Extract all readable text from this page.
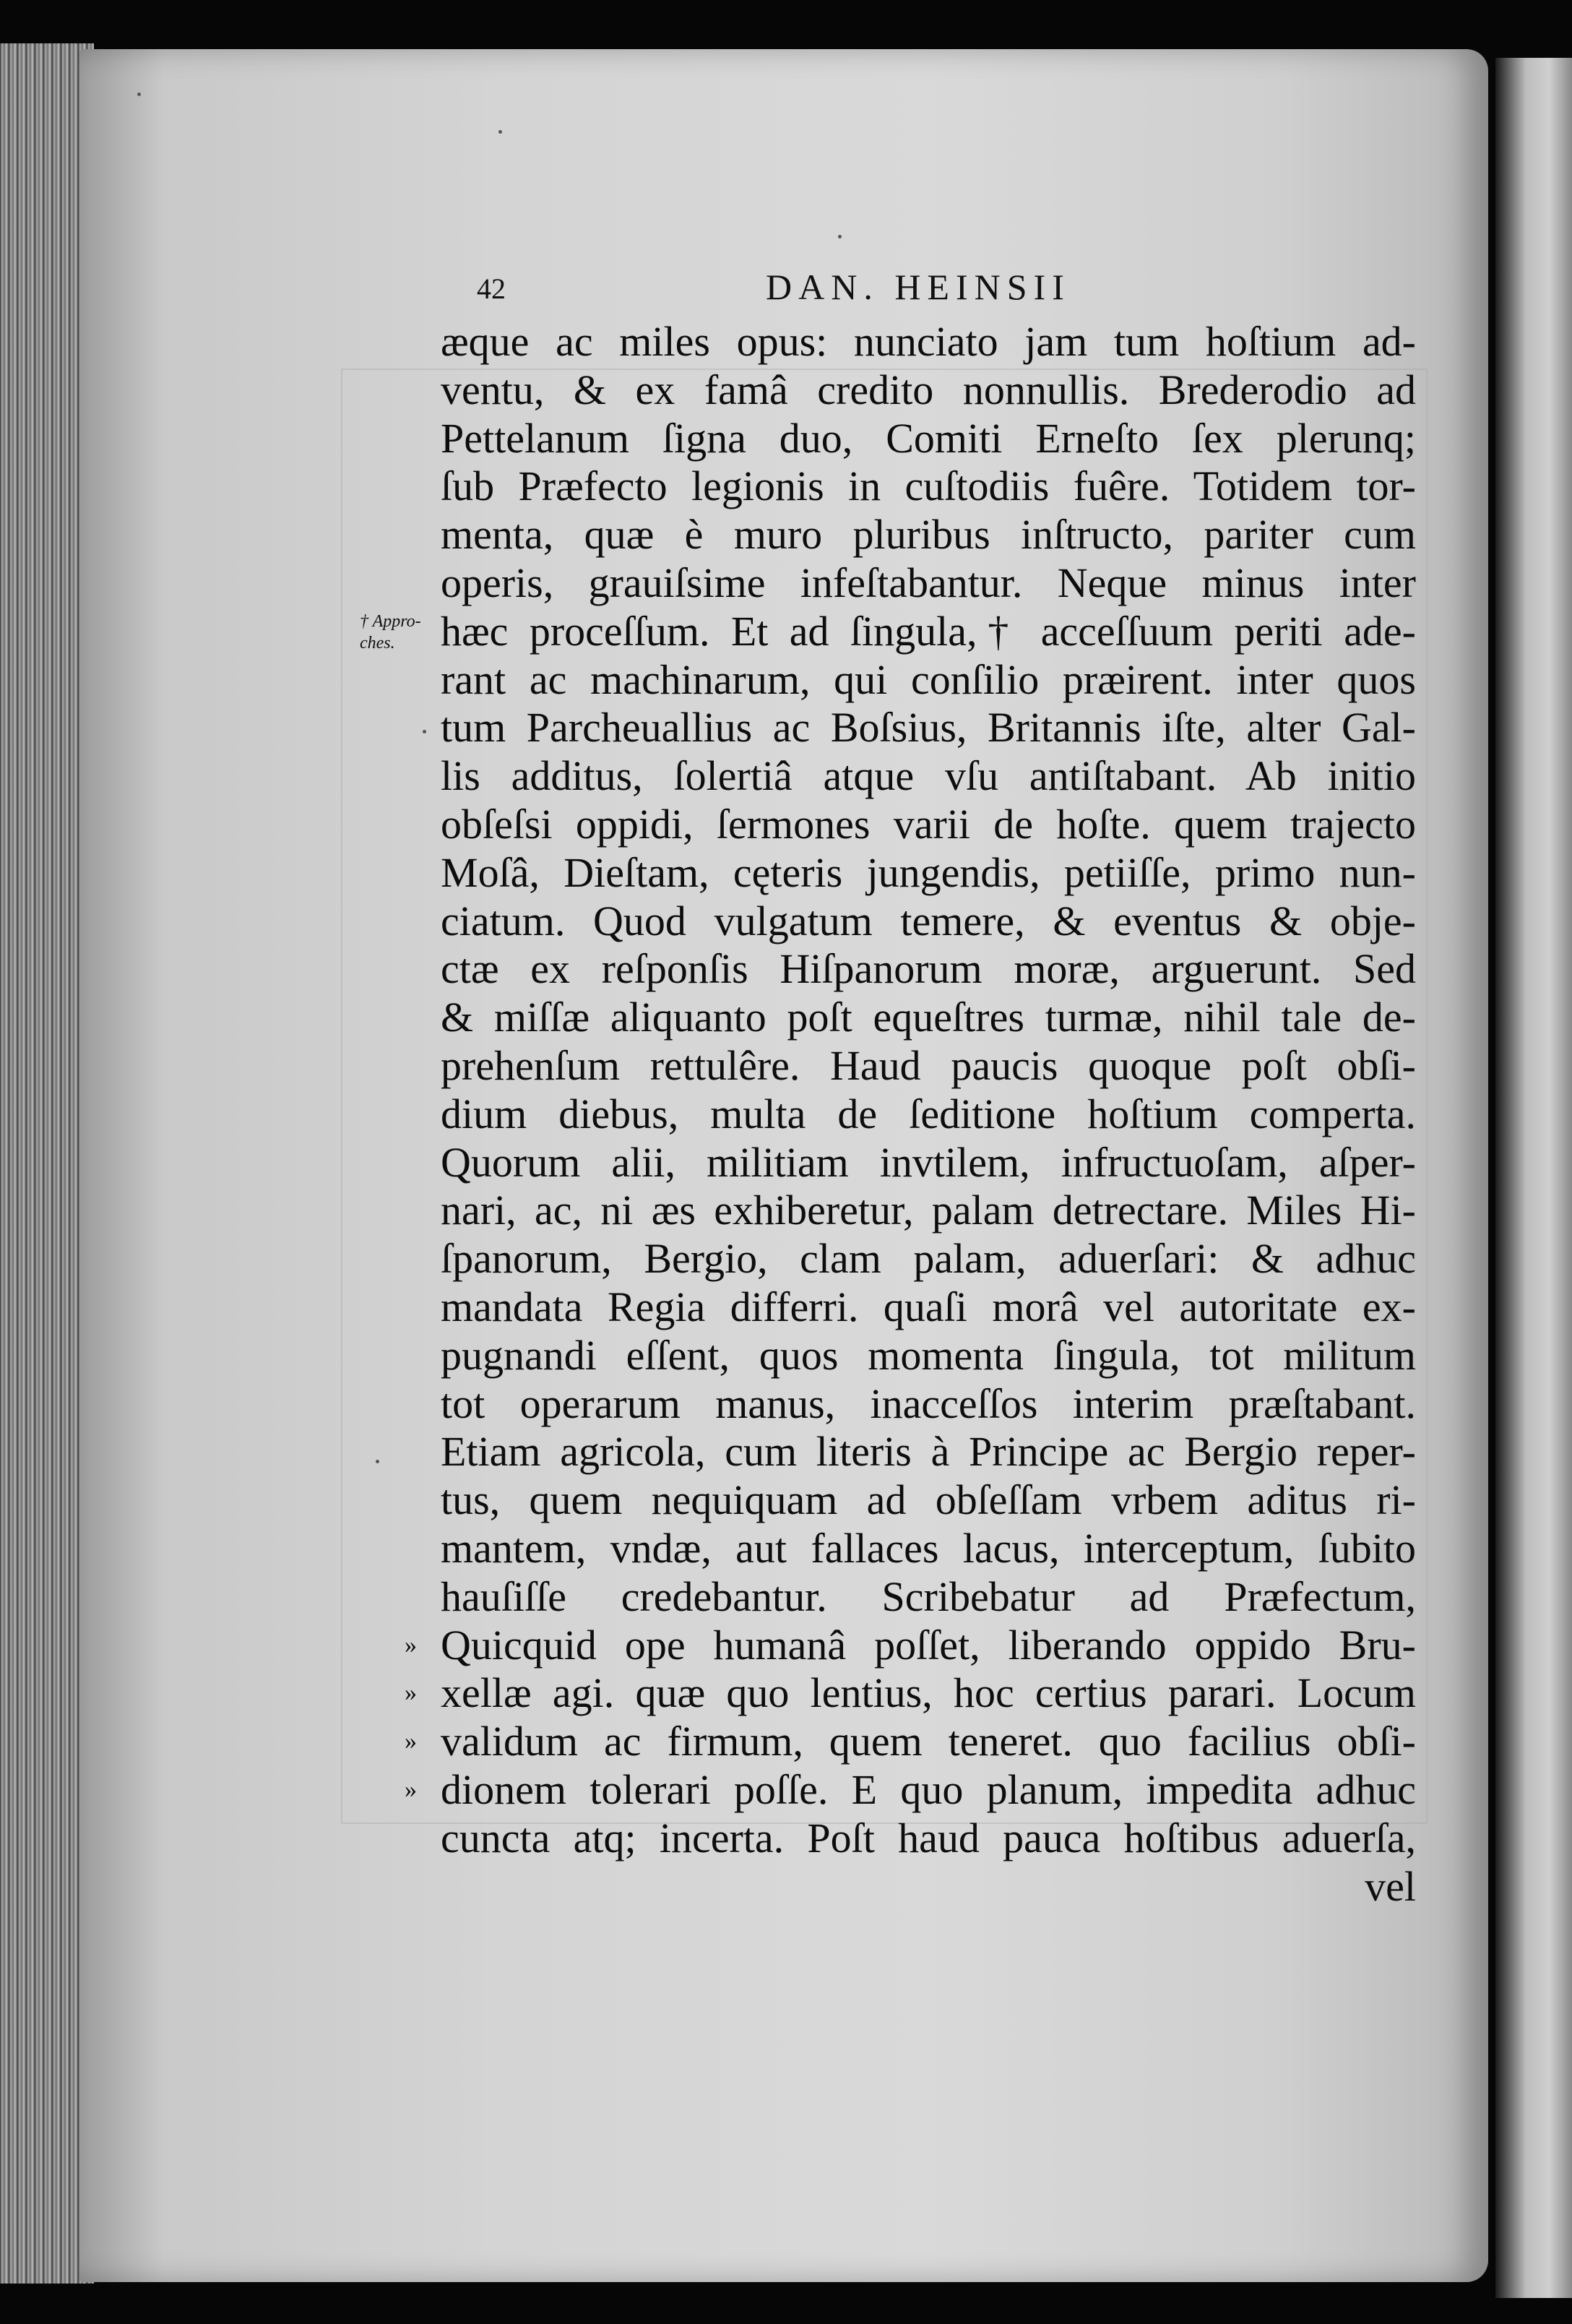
42	DAN. HEINSII
† Appro-
ches.
æque ac miles opus: nunciato jam tum hoſtium ad-
ventu, & ex famâ credito nonnullis. Brederodio ad
Pettelanum ſigna duo, Comiti Erneſto ſex plerunq;
ſub Præfecto legionis in cuſtodiis fuêre. Totidem tor-
menta, quæ è muro pluribus inſtructo, pariter cum
operis, grauiſsime infeſtabantur. Neque minus inter
hæc proceſſum. Et ad ſingula,† acceſſuum periti ade-
rant ac machinarum, qui conſilio præirent. inter quos
tum Parcheuallius ac Boſsius, Britannis iſte, alter Gal-
lis additus, ſolertiâ atque vſu antiſtabant. Ab initio
obſeſsi oppidi, ſermones varii de hoſte. quem trajecto
Moſâ, Dieſtam, cęteris jungendis, petiiſſe, primo nun-
ciatum. Quod vulgatum temere, & eventus & obje-
ctæ ex reſponſis Hiſpanorum moræ, arguerunt. Sed
& miſſæ aliquanto poſt equeſtres turmæ, nihil tale de-
prehenſum rettulêre. Haud paucis quoque poſt obſi-
dium diebus, multa de ſeditione hoſtium comperta.
Quorum alii, militiam invtilem, infructuoſam, aſper-
nari, ac, ni æs exhiberetur, palam detrectare. Miles Hi-
ſpanorum, Bergio, clam palam, aduerſari: & adhuc
mandata Regia differri. quaſi morâ vel autoritate ex-
pugnandi eſſent, quos momenta ſingula, tot militum
tot operarum manus, inacceſſos interim præſtabant.
Etiam agricola, cum literis à Principe ac Bergio reper-
tus, quem nequiquam ad obſeſſam vrbem aditus ri-
mantem, vndæ, aut fallaces lacus, interceptum, ſubito
hauſiſſe credebantur. Scribebatur ad Præfectum,
Quicquid ope humanâ poſſet, liberando oppido Bru-
xellæ agi. quæ quo lentius, hoc certius parari. Locum
validum ac firmum, quem teneret. quo facilius obſi-
dionem tolerari poſſe. E quo planum, impedita adhuc
cuncta atq; incerta. Poſt haud pauca hoſtibus aduerſa,
vel
»
»
»
»
